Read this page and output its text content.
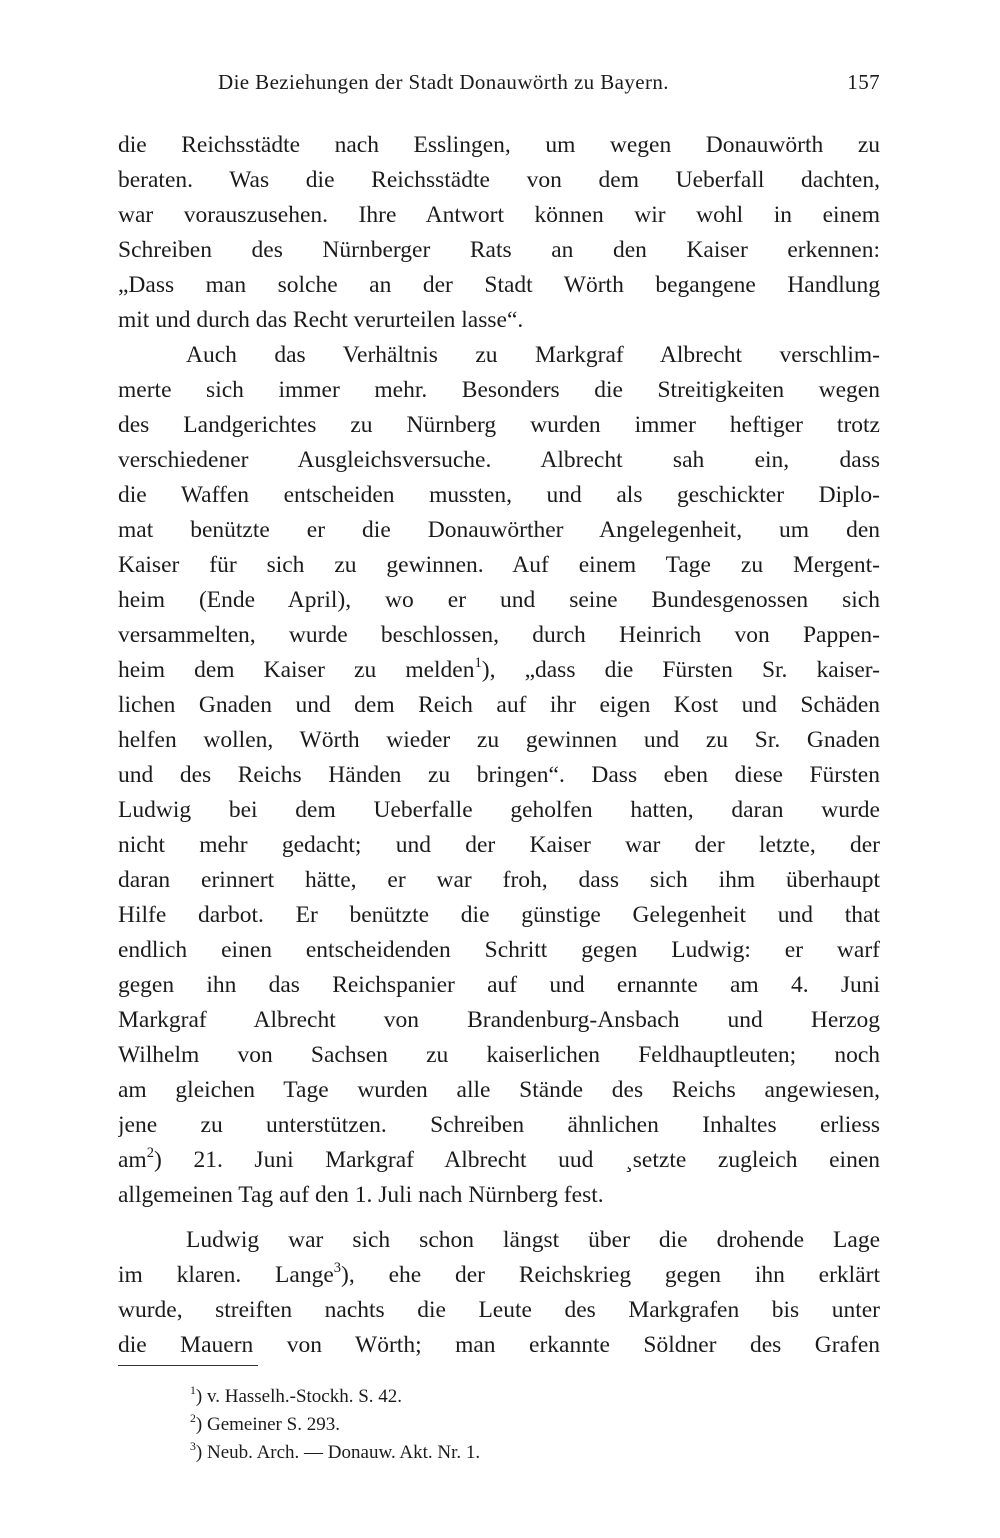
Die Beziehungen der Stadt Donauwörth zu Bayern.	157
die Reichsstädte nach Esslingen, um wegen Donauwörth zu
beraten. Was die Reichsstädte von dem Ueberfall dachten,
war vorauszusehen. Ihre Antwort können wir wohl in einem
Schreiben des Nürnberger Rats an den Kaiser erkennen:
„Dass man solche an der Stadt Wörth begangene Handlung
mit und durch das Recht verurteilen lasse“.
Auch das Verhältnis zu Markgraf Albrecht verschlim-
merte sich immer mehr. Besonders die Streitigkeiten wegen
des Landgerichtes zu Nürnberg wurden immer heftiger trotz
verschiedener Ausgleichsversuche. Albrecht sah ein, dass
die Waffen entscheiden mussten, und als geschickter Diplo-
mat benützte er die Donauwörther Angelegenheit, um den
Kaiser für sich zu gewinnen. Auf einem Tage zu Mergent-
heim (Ende April), wo er und seine Bundesgenossen sich
versammelten, wurde beschlossen, durch Heinrich von Pappen-
heim dem Kaiser zu melden$^1$), „dass die Fürsten Sr. kaiser-
lichen Gnaden und dem Reich auf ihr eigen Kost und Schäden
helfen wollen, Wörth wieder zu gewinnen und zu Sr. Gnaden
und des Reichs Händen zu bringen“. Dass eben diese Fürsten
Ludwig bei dem Ueberfalle geholfen hatten, daran wurde
nicht mehr gedacht; und der Kaiser war der letzte, der
daran erinnert hätte, er war froh, dass sich ihm überhaupt
Hilfe darbot. Er benützte die günstige Gelegenheit und that
endlich einen entscheidenden Schritt gegen Ludwig: er warf
gegen ihn das Reichspanier auf und ernannte am 4. Juni
Markgraf Albrecht von Brandenburg-Ansbach und Herzog
Wilhelm von Sachsen zu kaiserlichen Feldhauptleuten; noch
am gleichen Tage wurden alle Stände des Reichs angewiesen,
jene zu unterstützen. Schreiben ähnlichen Inhaltes erliess
$am^2$) 21. Juni Markgraf Albrecht uud ¸setzte zugleich einen
allgemeinen Tag auf den 1. Juli nach Nürnberg fest.
Ludwig war sich schon längst über die drohende Lage
im klaren. Lange$^3$), ehe der Reichskrieg gegen ihn erklärt
wurde, streiften nachts die Leute des Markgrafen bis unter
die Mauern von Wörth; man erkannte Söldner des Grafen
$^1$) v. Hasselh.-Stockh. S. 42.
$^2$) Gemeiner S. 293.
$^3$) Neub. Arch. — Donauw. Akt. Nr. 1.
